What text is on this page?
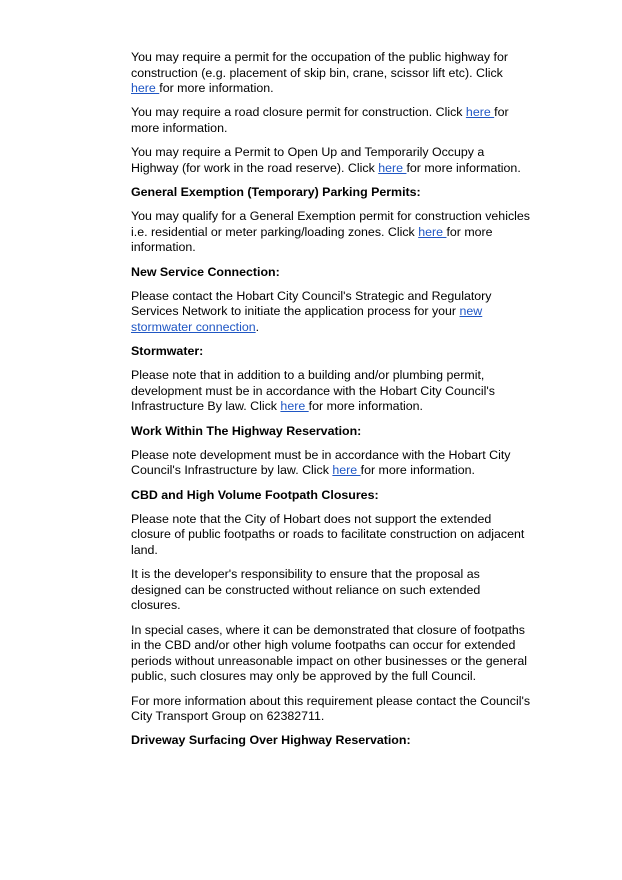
You may require a permit for the occupation of the public highway for construction (e.g. placement of skip bin, crane, scissor lift etc). Click here for more information.

You may require a road closure permit for construction. Click here for more information.

You may require a Permit to Open Up and Temporarily Occupy a Highway (for work in the road reserve). Click here for more information.

General Exemption (Temporary) Parking Permits:

You may qualify for a General Exemption permit for construction vehicles i.e. residential or meter parking/loading zones. Click here for more information.

New Service Connection:

Please contact the Hobart City Council's Strategic and Regulatory Services Network to initiate the application process for your new stormwater connection.

Stormwater:

Please note that in addition to a building and/or plumbing permit, development must be in accordance with the Hobart City Council's Infrastructure By law. Click here for more information.

Work Within The Highway Reservation:

Please note development must be in accordance with the Hobart City Council's Infrastructure by law. Click here for more information.

CBD and High Volume Footpath Closures:

Please note that the City of Hobart does not support the extended closure of public footpaths or roads to facilitate construction on adjacent land.

It is the developer's responsibility to ensure that the proposal as designed can be constructed without reliance on such extended closures.

In special cases, where it can be demonstrated that closure of footpaths in the CBD and/or other high volume footpaths can occur for extended periods without unreasonable impact on other businesses or the general public, such closures may only be approved by the full Council.

For more information about this requirement please contact the Council's City Transport Group on 62382711.

Driveway Surfacing Over Highway Reservation:
